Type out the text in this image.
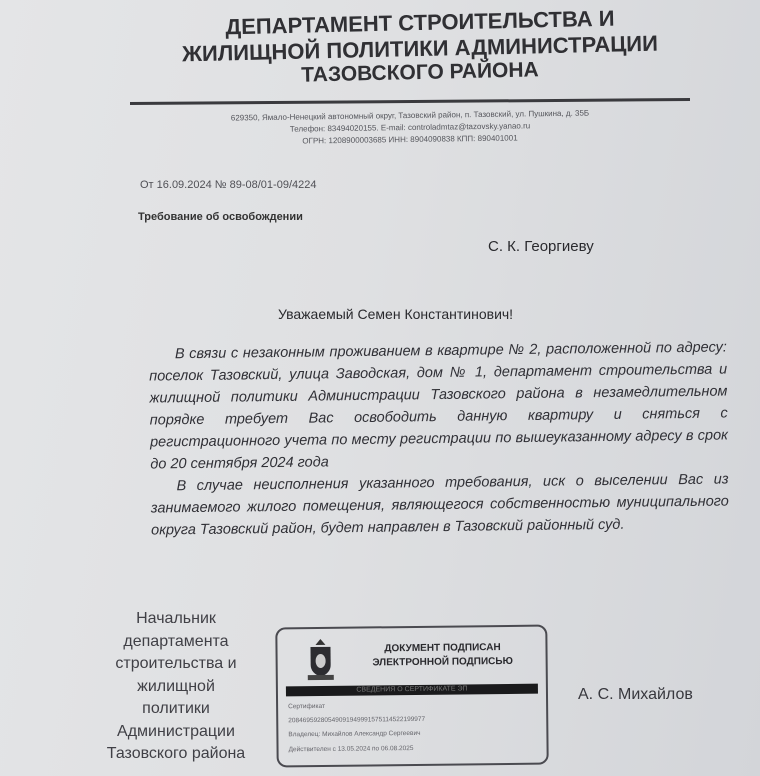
ДЕПАРТАМЕНТ СТРОИТЕЛЬСТВА И
ЖИЛИЩНОЙ ПОЛИТИКИ АДМИНИСТРАЦИИ
ТАЗОВСКОГО РАЙОНА
629350, Ямало-Ненецкий автономный округ, Тазовский район, п. Тазовский, ул. Пушкина, д. 35Б
Телефон: 83494020155. E-mail: controladmtaz@tazovsky.yanao.ru
ОГРН: 1208900003685 ИНН: 8904090838 КПП: 890401001
От 16.09.2024 № 89-08/01-09/4224
Требование об освобождении
С. К. Георгиеву
Уважаемый Семен Константинович!

В связи с незаконным проживанием в квартире № 2, расположенной по адресу: поселок Тазовский, улица Заводская, дом № 1, департамент строительства и жилищной политики Администрации Тазовского района в незамедлительном порядке требует Вас освободить данную квартиру и сняться с регистрационного учета по месту регистрации по вышеуказанному адресу в срок до 20 сентября 2024 года

В случае неисполнения указанного требования, иск о выселении Вас из занимаемого жилого помещения, являющегося собственностью муниципального округа Тазовский район, будет направлен в Тазовский районный суд.

Начальник
департамента
строительства и
жилищной
политики
Администрации
Тазовского района
ДОКУМЕНТ ПОДПИСАН
ЭЛЕКТРОННОЙ ПОДПИСЬЮ
СВЕДЕНИЯ О СЕРТИФИКАТЕ ЭП
Сертификат
20846959280549091949991575114522199977
Владелец: Михайлов Александр Сергеевич
Действителен с 13.05.2024 по 06.08.2025
А. С. Михайлов
